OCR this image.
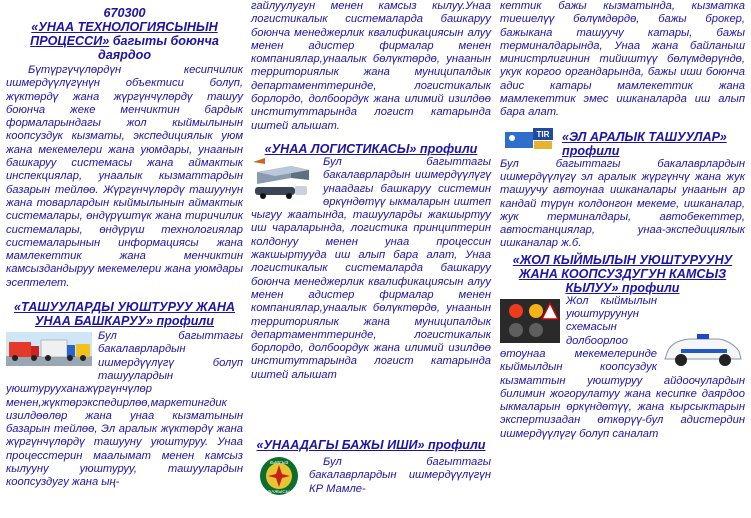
670300

«УНАА ТЕХНОЛОГИЯСЫНЫН ПРОЦЕССИ» багыты боюнча даярдоо

Бүтүргүчүлөрдүн кесипчилик ишмердүүлүгүнүн объектиси болуп, жүктөрдү жана жүргүнчүлөрдү ташуу боюнча жеке менчиктин бардык формаларындагы жол кыймылынын коопсуздук кызматы, экспедициялык уюм жана мекемелери жана уюмдары, унаанын башкаруу системасы жана аймактык инспекциялар, унаалык кызматтардын базарын тейлөө. Жүргүнчүлөрдү ташуунун жана товарлардын кыймылынын аймактык системалары, өндүрүштүк жана тиричилик системалары, өндүрүш технологиялар системаларынын информациясы жана мамлекеттик жана менчиктин камсыздандыруу мекемелери жана уюмдары эсептелет.

«ТАШУУЛАРДЫ УЮШТУРУУ ЖАНА УНАА БАШКАРУУ» профили

Бул багыттагы бакалаврлардын ишмердүүлүгү болуп ташуулардын уюштурууханажүргүнчүлөр менен,жүктөрэкспедирлөө,маркетингдик изилдөөлөр жана унаа кызматынын базарын тейлөө, Эл аралык жүктөрдү жана жүргүнчүлөрдү ташууну уюштуруу. Унаа процесстерин маалымат менен камсыз кылууну уюштуруу, ташуулардын коопсуздугу жана ың-

гайлуулугун менен камсыз кылуу.Унаа логистикалык системаларда башкаруу боюнча менеджерлик квалификациясын алуу менен адистер фирмалар менен компаниялар,унаалык бөлүктөрдө, унаанын территориялык жана муниципалдык департаменттеринде, логистикалык борлордо, долбоордук жана илимий изилдөө институттарында логист катарында иштей алышат.

«УНАА ЛОГИСТИКАСЫ» профили

Бул багыттагы бакалаврлардын ишмердүүлүгү унаадагы башкаруу системин өркүндөтүү ыкмаларын иштеп чыгуу жаатында, ташууларды жакшыртуу иш чараларында, логистика принциптерин колдонуу менен унаа процессин жакшыртууда иш алып бара алат, Унаа логистикалык системаларда башкаруу боюнча менеджерлик квалификациясын алуу менен адистер фирмалар менен компаниялар,унаалык бөлүктөрдө, унаанын территориялык жана муниципалдык департаменттеринде, логистикалык борлордо, долбоордук жана илимий изилдөө институттарында логист катарында иштей алышат

«УНААДАГЫ БАЖЫ ИШИ» профили

КЫРГЫЗ
БАЖЫСЫ

Бул багыттагы бакалаврлардын ишмердүүлүгүн КР Мамле-

кеттик бажы кызматында, кызматка тиешелүү бөлүмдөрдө, бажы брокер, бажыкана ташуучу катары, бажы терминалдарында, Унаа жана байланыш министрлигинин тийиштүү бөлүмдөрүндө, укук коргоо органдарында, бажы иши боюнча адис катары мамлекеттик жана мамлекеттик эмес ишканаларда иш алып бара алат.

TIR «ЭЛ АРАЛЫК ТАШУУЛАР» профили

Бул багыттагы бакалаврлардын ишмердүүлүгү эл аралык жүргүнчү жана жук ташуучу автоунаа ишканалары унаанын ар кандай түрүн колдонгон мекеме, ишканалар, жук терминалдары, автобекеттер, автостанциялар, унаа-экспедициялык ишканалар ж.б.

«ЖОЛ КЫЙМЫЛЫН УЮШТУРУУНУ ЖАНА КООПСУЗДУГУН КАМСЫЗ КЫЛУУ» профили

Жол кыймылын уюштуруунун схемасын долбоорлоо өтоунаа мекемелеринде кыймылдын коопсуздук кызматтын уюштуруу айдоочулардын билимин жогорулатуу жана кесипке даярдоо ыкмаларын өркүндөтүү, жана кырсыктарын экспертизадан өткөрүү-бул адистердин ишмердүүлүгү болуп саналат
